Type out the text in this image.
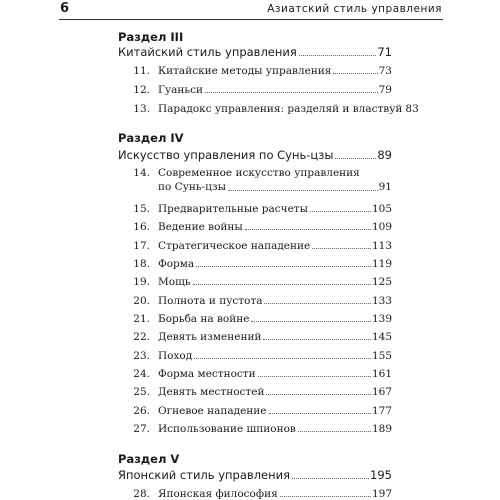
6	Азиатский стиль управления
Раздел III
Китайский стиль управления	71
11. Китайские методы управления	73
12. Гуаньси	79
13. Парадокс управления: разделяй и властвуй 83
Раздел IV
Искусство управления по Сунь-цзы	89
14. Современное искусство управления
по Сунь-цзы	91
15. Предварительные расчеты	105
16. Ведение войны	109
17. Стратегическое нападение	113
18. Форма	119
19. Мощь	125
20. Полнота и пустота	133
21. Борьба на войне	139
22. Девять изменений	145
23. Поход	155
24. Форма местности	161
25. Девять местностей	167
26. Огневое нападение	177
27. Использование шпионов	189
Раздел V
Японский стиль управления	195
28. Японская философия	197
